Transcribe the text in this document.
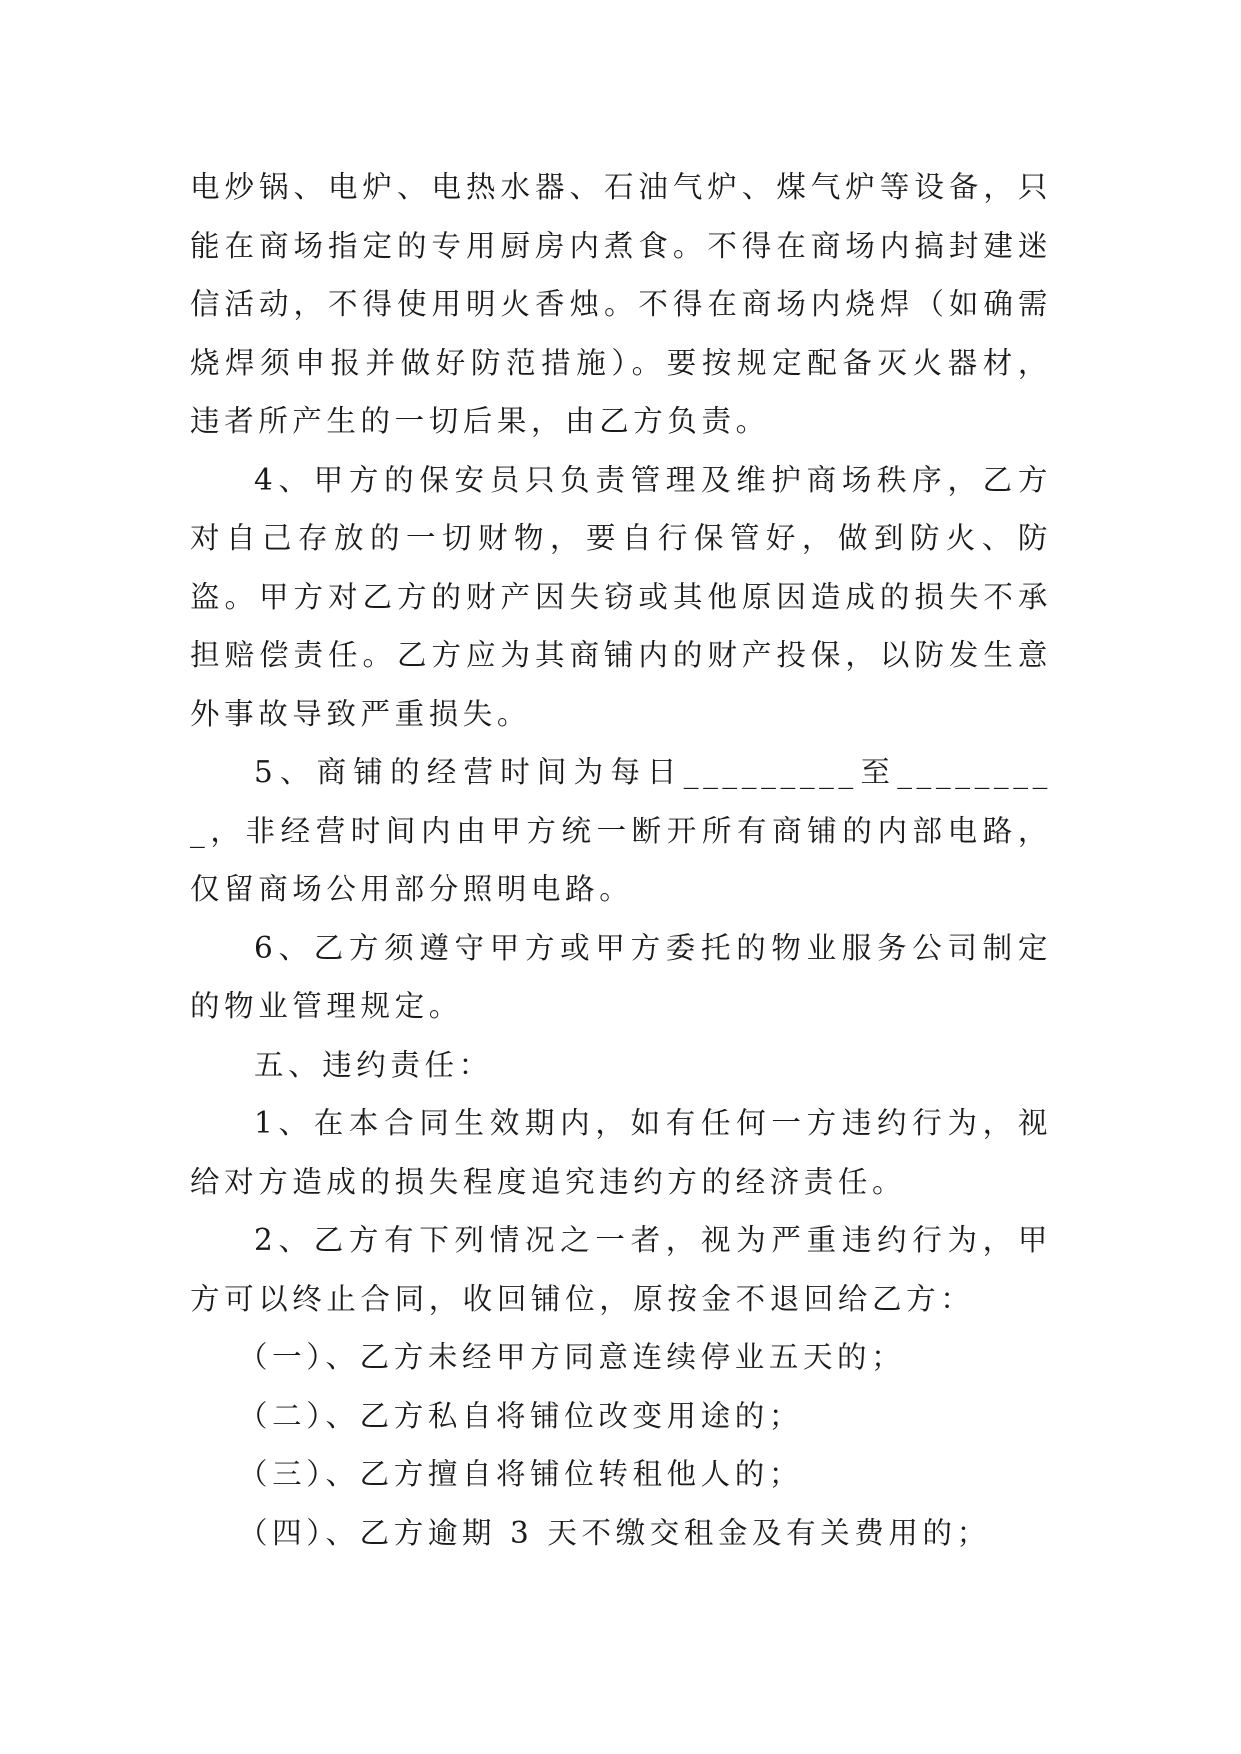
电炒锅、电炉、电热水器、石油气炉、煤气炉等设备，只能在商场指定的专用厨房内煮食。不得在商场内搞封建迷信活动，不得使用明火香烛。不得在商场内烧焊（如确需烧焊须申报并做好防范措施）。要按规定配备灭火器材，违者所产生的一切后果，由乙方负责。

4、甲方的保安员只负责管理及维护商场秩序，乙方对自己存放的一切财物，要自行保管好，做到防火、防盗。甲方对乙方的财产因失窃或其他原因造成的损失不承担赔偿责任。乙方应为其商铺内的财产投保，以防发生意外事故导致严重损失。

5、商铺的经营时间为每日_________至_________，非经营时间内由甲方统一断开所有商铺的内部电路，仅留商场公用部分照明电路。

6、乙方须遵守甲方或甲方委托的物业服务公司制定的物业管理规定。

五、违约责任：

1、在本合同生效期内，如有任何一方违约行为，视给对方造成的损失程度追究违约方的经济责任。

2、乙方有下列情况之一者，视为严重违约行为，甲方可以终止合同，收回铺位，原按金不退回给乙方：

（一）、乙方未经甲方同意连续停业五天的；

（二）、乙方私自将铺位改变用途的；

（三）、乙方擅自将铺位转租他人的；

（四）、乙方逾期 3 天不缴交租金及有关费用的；
